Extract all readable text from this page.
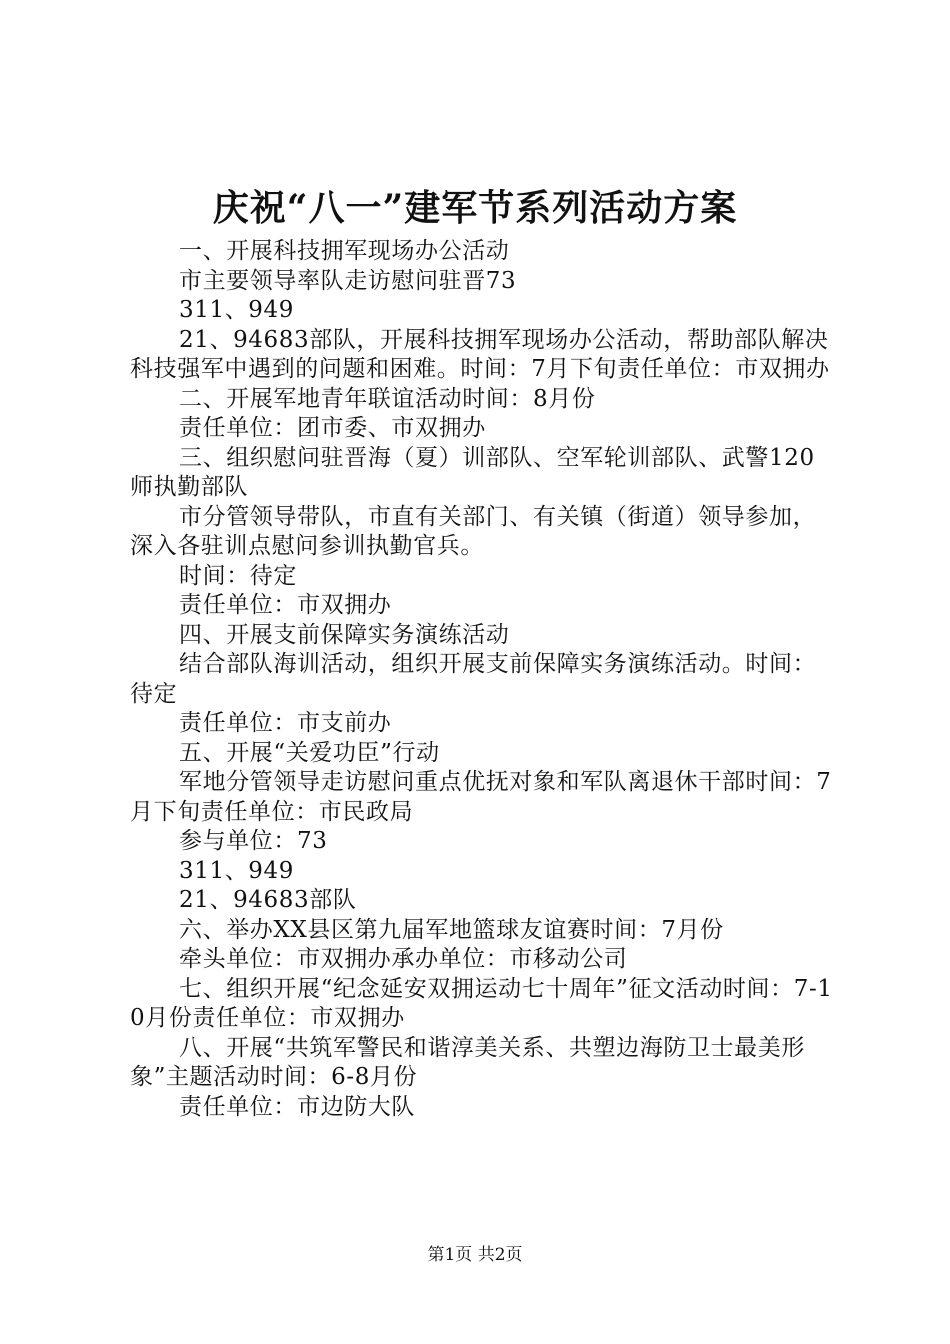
庆祝“八一”建军节系列活动方案

一、开展科技拥军现场办公活动

市主要领导率队走访慰问驻晋73

311、949

21、94683部队，开展科技拥军现场办公活动，帮助部队解决科技强军中遇到的问题和困难。时间：7月下旬责任单位：市双拥办

二、开展军地青年联谊活动时间：8月份

责任单位：团市委、市双拥办

三、组织慰问驻晋海（夏）训部队、空军轮训部队、武警120师执勤部队

市分管领导带队，市直有关部门、有关镇（街道）领导参加，深入各驻训点慰问参训执勤官兵。

时间：待定

责任单位：市双拥办

四、开展支前保障实务演练活动

结合部队海训活动，组织开展支前保障实务演练活动。时间：待定

责任单位：市支前办

五、开展“关爱功臣”行动

军地分管领导走访慰问重点优抚对象和军队离退休干部时间：7月下旬责任单位：市民政局

参与单位：73

311、949

21、94683部队

六、举办XX县区第九届军地篮球友谊赛时间：7月份

牵头单位：市双拥办承办单位：市移动公司

七、组织开展“纪念延安双拥运动七十周年”征文活动时间：7-10月份责任单位：市双拥办

八、开展“共筑军警民和谐淳美关系、共塑边海防卫士最美形象”主题活动时间：6-8月份

责任单位：市边防大队

第1页 共2页
